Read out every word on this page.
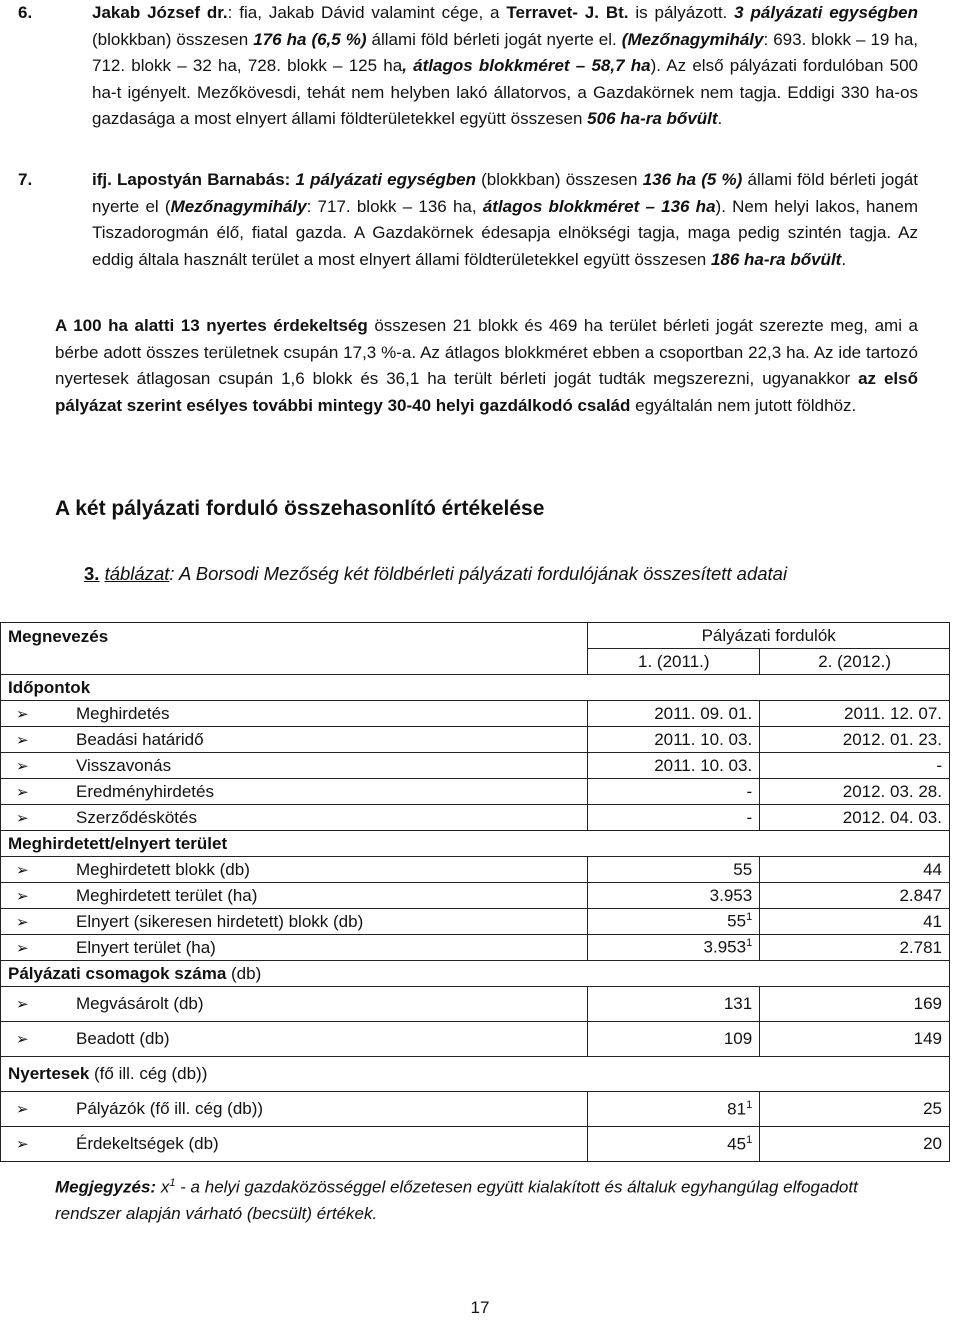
6.	Jakab József dr.: fia, Jakab Dávid valamint cége, a Terravet- J. Bt. is pályázott. 3 pályázati egységben (blokkban) összesen 176 ha (6,5 %) állami föld bérleti jogát nyerte el. (Mezőnagymihály: 693. blokk – 19 ha, 712. blokk – 32 ha, 728. blokk – 125 ha, átlagos blokkméret – 58,7 ha). Az első pályázati fordulóban 500 ha-t igényelt. Mezőkövesdi, tehát nem helyben lakó állatorvos, a Gazdakörnek nem tagja. Eddigi 330 ha-os gazdasága a most elnyert állami földterületekkel együtt összesen 506 ha-ra bővült.

7.	ifj. Lapostyán Barnabás: 1 pályázati egységben (blokkban) összesen 136 ha (5 %) állami föld bérleti jogát nyerte el (Mezőnagymihály: 717. blokk – 136 ha, átlagos blokkméret – 136 ha). Nem helyi lakos, hanem Tiszadorogmán élő, fiatal gazda. A Gazdakörnek édesapja elnökségi tagja, maga pedig szintén tagja. Az eddig általa használt terület a most elnyert állami földterületekkel együtt összesen 186 ha-ra bővült.

A 100 ha alatti 13 nyertes érdekeltség összesen 21 blokk és 469 ha terület bérleti jogát szerezte meg, ami a bérbe adott összes területnek csupán 17,3 %-a. Az átlagos blokkméret ebben a csoportban 22,3 ha. Az ide tartozó nyertesek átlagosan csupán 1,6 blokk és 36,1 ha terült bérleti jogát tudták megszerezni, ugyanakkor az első pályázat szerint esélyes további mintegy 30-40 helyi gazdálkodó család egyáltalán nem jutott földhöz.

A két pályázati forduló összehasonlító értékelése
3. táblázat: A Borsodi Mezőség két földbérleti pályázati fordulójának összesített adatai
Megnevezés	Pályázati fordulók	
	1. (2011.)	2. (2012.)
Időpontok		
➢ Meghirdetés	2011. 09. 01.	2011. 12. 07.
➢ Beadási határidő	2011. 10. 03.	2012. 01. 23.
➢ Visszavonás	2011. 10. 03.	-
➢ Eredményhirdetés	-	2012. 03. 28.
➢ Szerződéskötés	-	2012. 04. 03.
Meghirdetett/elnyert terület		
➢ Meghirdetett blokk (db)	55	44
➢ Meghirdetett terület (ha)	3.953	2.847
➢ Elnyert (sikeresen hirdetett) blokk (db)	$55^1$	41
➢ Elnyert terület (ha)	3.953$^1$	2.781
Pályázati csomagok száma (db)		
➢ Megvásárolt (db)	131	169
➢ Beadott (db)	109	149
Nyertesek (fő ill. cég (db))		
➢ Pályázók (fő ill. cég (db))	$81^1$	25
➢ Érdekeltségek (db)	$45^1$	20
Megjegyzés: $x^1$ - a helyi gazdaközösséggel előzetesen együtt kialakított és általuk egyhangúlag elfogadott rendszer alapján várható (becsült) értékek.
17
